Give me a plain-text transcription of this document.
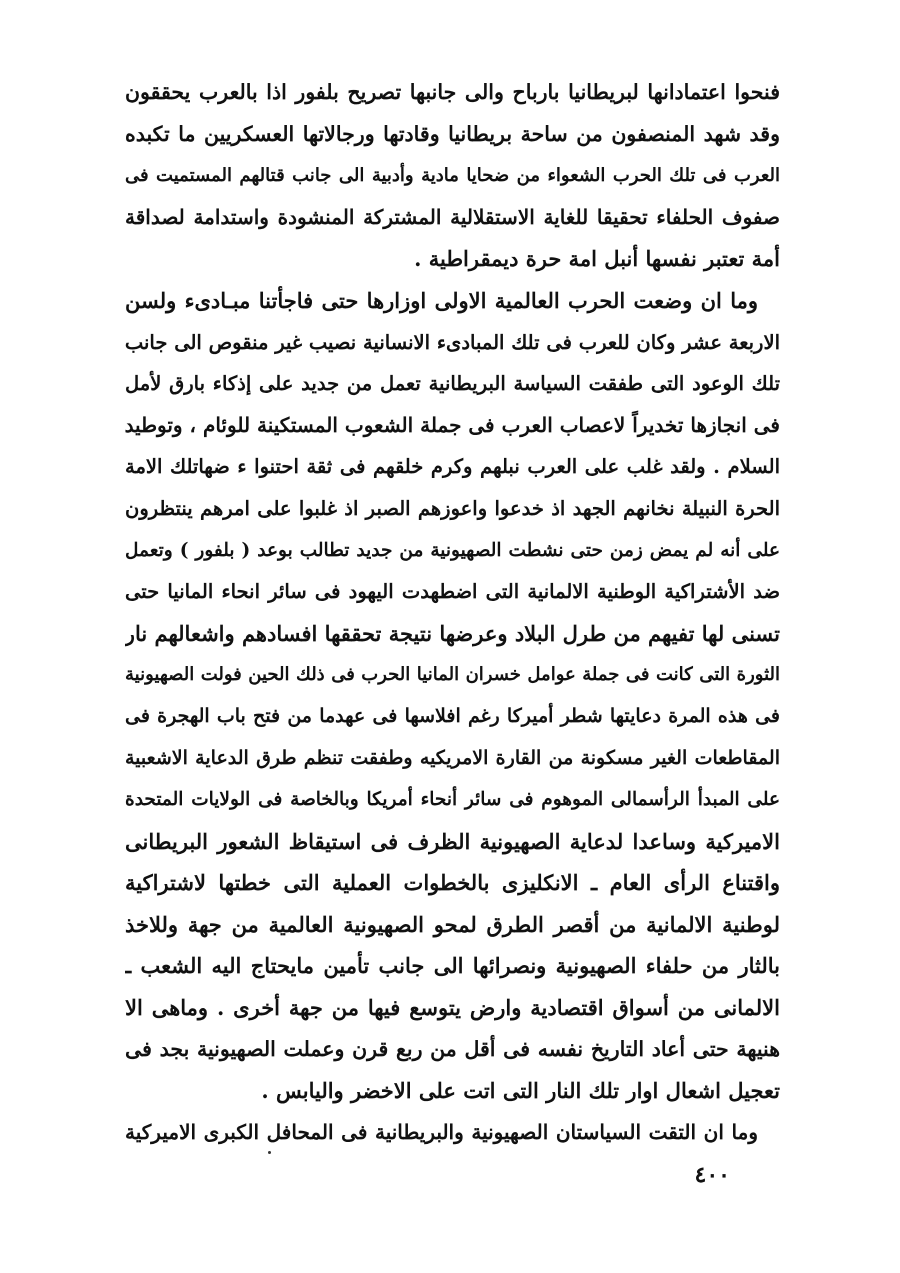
فنحوا اعتمادانها لبريطانيا بارباح والى جانبها تصريح بلفور اذا بالعرب يحققون
وقد شهد المنصفون من ساحة بريطانيا وقادتها ورجالاتها العسكريين ما تكبده
العرب فى تلك الحرب الشعواء من ضحايا مادية وأدبية الى جانب قتالهم المستميت فى
صفوف الحلفاء تحقيقا للغاية الاستقلالية المشتركة المنشودة واستدامة لصداقة
أمة تعتبر نفسها أنبل امة حرة ديمقراطية .
وما ان وضعت الحرب العالمية الاولى اوزارها حتى فاجأتنا مبـادىء ولسن
الاربعة عشر وكان للعرب فى تلك المبادىء الانسانية نصيب غير منقوص الى جانب
تلك الوعود التى طفقت السياسة البريطانية تعمل من جديد على إذكاء بارق لأمل
فى انجازها تخديراً لاعصاب العرب فى جملة الشعوب المستكينة للوئام ، وتوطيد
السلام . ولقد غلب على العرب نبلهم وكرم خلقهم فى ثقة احتنوا ء ضهاتلك الامة
الحرة النبيلة نخانهم الجهد اذ خدعوا واعوزهم الصبر اذ غلبوا على امرهم ينتظرون
على أنه لم يمض زمن حتى نشطت الصهيونية من جديد تطالب بوعد ( بلفور ) وتعمل
ضد الأشتراكية الوطنية الالمانية التى اضطهدت اليهود فى سائر انحاء المانيا حتى
تسنى لها تفيهم من طرل البلاد وعرضها نتيجة تحققها افسادهم واشعالهم نار
الثورة التى كانت فى جملة عوامل خسران المانيا الحرب فى ذلك الحين فولت الصهيونية
فى هذه المرة دعايتها شطر أميركا رغم افلاسها فى عهدما من فتح باب الهجرة فى
المقاطعات الغير مسكونة من القارة الامريكيه وطفقت تنظم طرق الدعاية الاشعبية
على المبدأ الرأسمالى الموهوم فى سائر أنحاء أمريكا وبالخاصة فى الولايات المتحدة
الاميركية وساعدا لدعاية الصهيونية الظرف فى استيقاظ الشعور البريطانى
واقتناع الرأى العام ـ الانكليزى بالخطوات العملية التى خطتها لاشتراكية
لوطنية الالمانية من أقصر الطرق لمحو الصهيونية العالمية من جهة وللاخذ
بالثار من حلفاء الصهيونية ونصرائها الى جانب تأمين مايحتاج اليه الشعب ـ
الالمانى من أسواق اقتصادية وارض يتوسع فيها من جهة أخرى . وماهى الا
هنيهة حتى أعاد التاريخ نفسه فى أقل من ربع قرن وعملت الصهيونية بجد فى
تعجيل اشعال اوار تلك النار التى اتت على الاخضر واليابس .
وما ان التقت السياستان الصهيونية والبريطانية فى المحافل الكبرى الاميركية
٤٠٠
